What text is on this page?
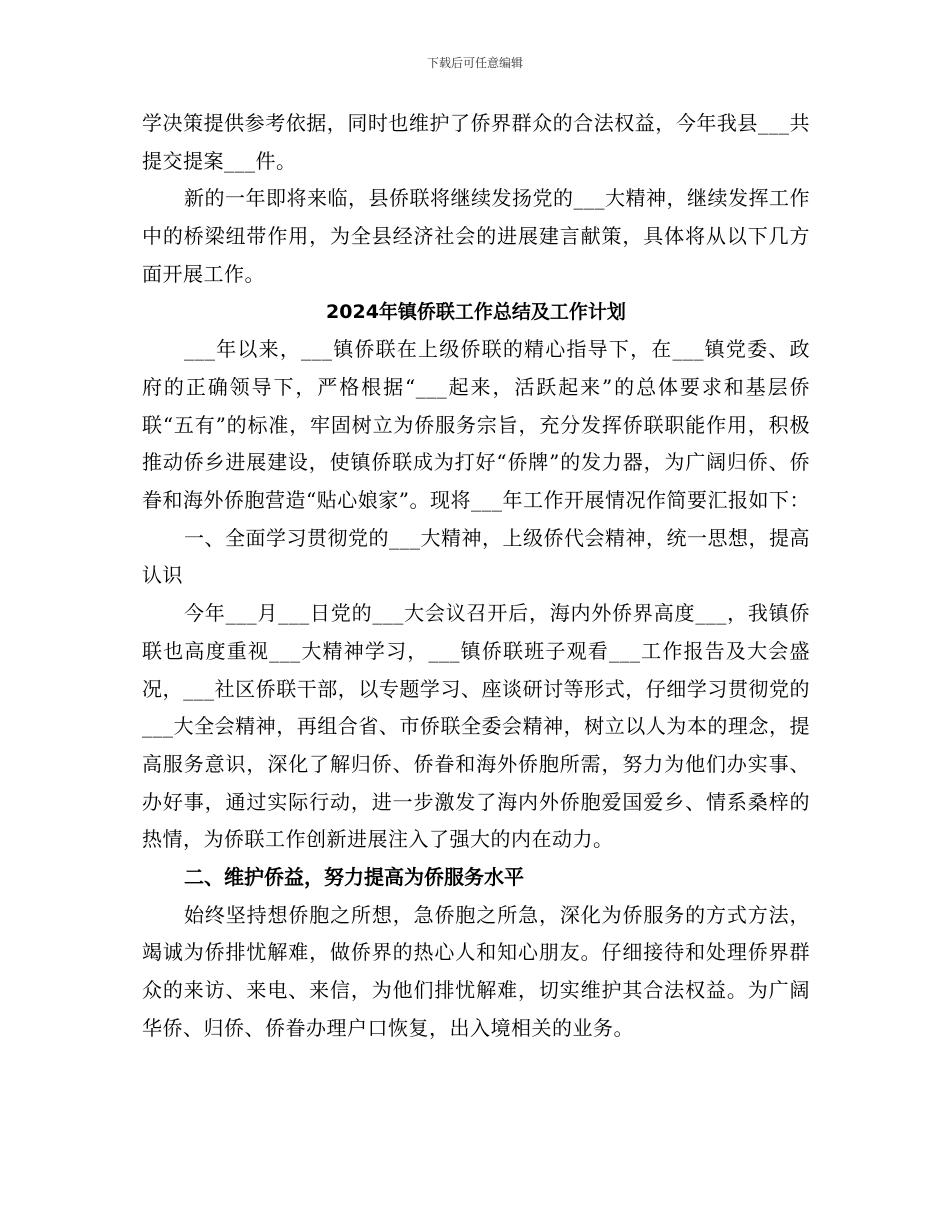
下载后可任意编辑

学决策提供参考依据，同时也维护了侨界群众的合法权益，今年我县___共提交提案___件。

新的一年即将来临，县侨联将继续发扬党的___大精神，继续发挥工作中的桥梁纽带作用，为全县经济社会的进展建言献策，具体将从以下几方面开展工作。

2024年镇侨联工作总结及工作计划

___年以来，___镇侨联在上级侨联的精心指导下，在___镇党委、政府的正确领导下，严格根据“___起来，活跃起来”的总体要求和基层侨联“五有”的标准，牢固树立为侨服务宗旨，充分发挥侨联职能作用，积极推动侨乡进展建设，使镇侨联成为打好“侨牌”的发力器，为广阔归侨、侨眷和海外侨胞营造“贴心娘家”。现将___年工作开展情况作简要汇报如下：

一、全面学习贯彻党的___大精神，上级侨代会精神，统一思想，提高认识

今年___月___日党的___大会议召开后，海内外侨界高度___，我镇侨联也高度重视___大精神学习，___镇侨联班子观看___工作报告及大会盛况，___社区侨联干部，以专题学习、座谈研讨等形式，仔细学习贯彻党的___大全会精神，再组合省、市侨联全委会精神，树立以人为本的理念，提高服务意识，深化了解归侨、侨眷和海外侨胞所需，努力为他们办实事、办好事，通过实际行动，进一步激发了海内外侨胞爱国爱乡、情系桑梓的热情，为侨联工作创新进展注入了强大的内在动力。

二、维护侨益，努力提高为侨服务水平

始终坚持想侨胞之所想，急侨胞之所急，深化为侨服务的方式方法，竭诚为侨排忧解难，做侨界的热心人和知心朋友。仔细接待和处理侨界群众的来访、来电、来信，为他们排忧解难，切实维护其合法权益。为广阔华侨、归侨、侨眷办理户口恢复，出入境相关的业务。
